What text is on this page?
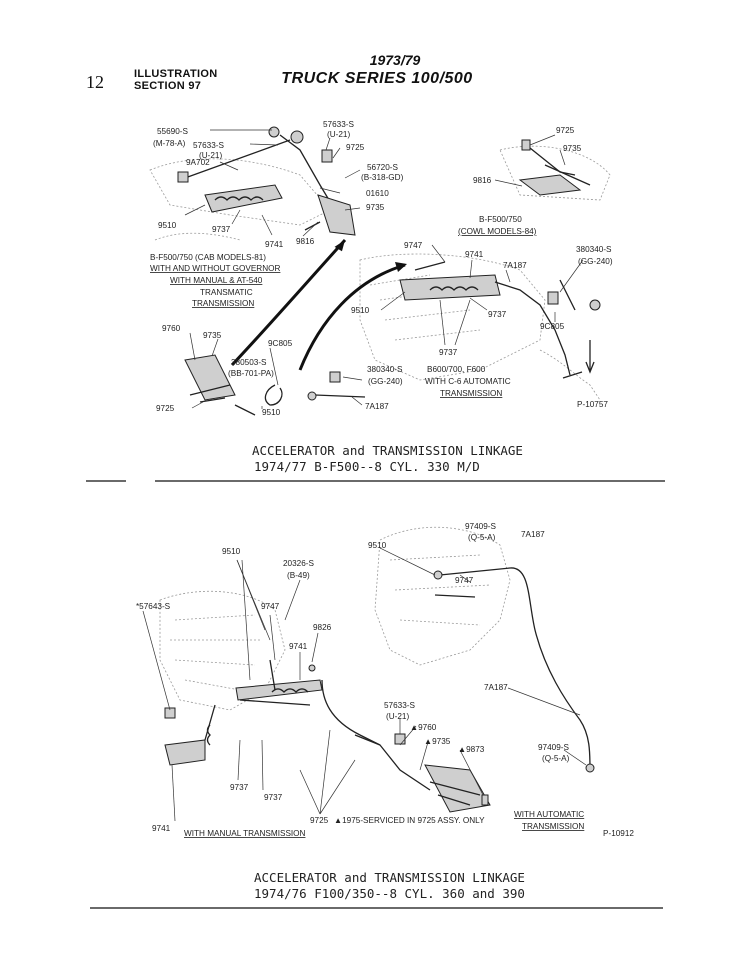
12	ILLUSTRATION
SECTION 97
1973/79
TRUCK SERIES 100/500
55690-S
(M-78-A) 57633-S
(U-21)
9A702
9510	9737
9741 9816
57633-S
(U-21)
9725
56720-S
(B-318-GD)
01610
9735
9725
9735
9816
B-F500/750
(COWL MODELS-84)
B-F500/750 (CAB MODELS-81)
WITH AND WITHOUT GOVERNOR
WITH MANUAL & AT-540
TRANSMATIC
TRANSMISSION
9747
9741
7A187
380340-S
(GG-240)
9510	9737
9C805
9760
9735
380503-S
(BB-701-PA)
9C805
9725	9510
380340-S
(GG-240)
7A187
9737
B600/700, F600
WITH C-6 AUTOMATIC
TRANSMISSION
P-10757
9510
20326-S
(B-49)
*57643-S	9747
9826
9741
9510
97409-S
(Q-5-A)	7A187
9747
7A187
57633-S
(U-21)
▲9760
▲9735
▲9873	97409-S
(Q-5-A)
9737
9737
9741
9725
WITH MANUAL TRANSMISSION
▲1975-SERVICED IN 9725 ASSY. ONLY
WITH AUTOMATIC
TRANSMISSION
P-10912
ACCELERATOR and TRANSMISSION LINKAGE
1974/77 B-F500--8 CYL. 330 M/D
ACCELERATOR and TRANSMISSION LINKAGE
1974/76 F100/350--8 CYL. 360 and 390
